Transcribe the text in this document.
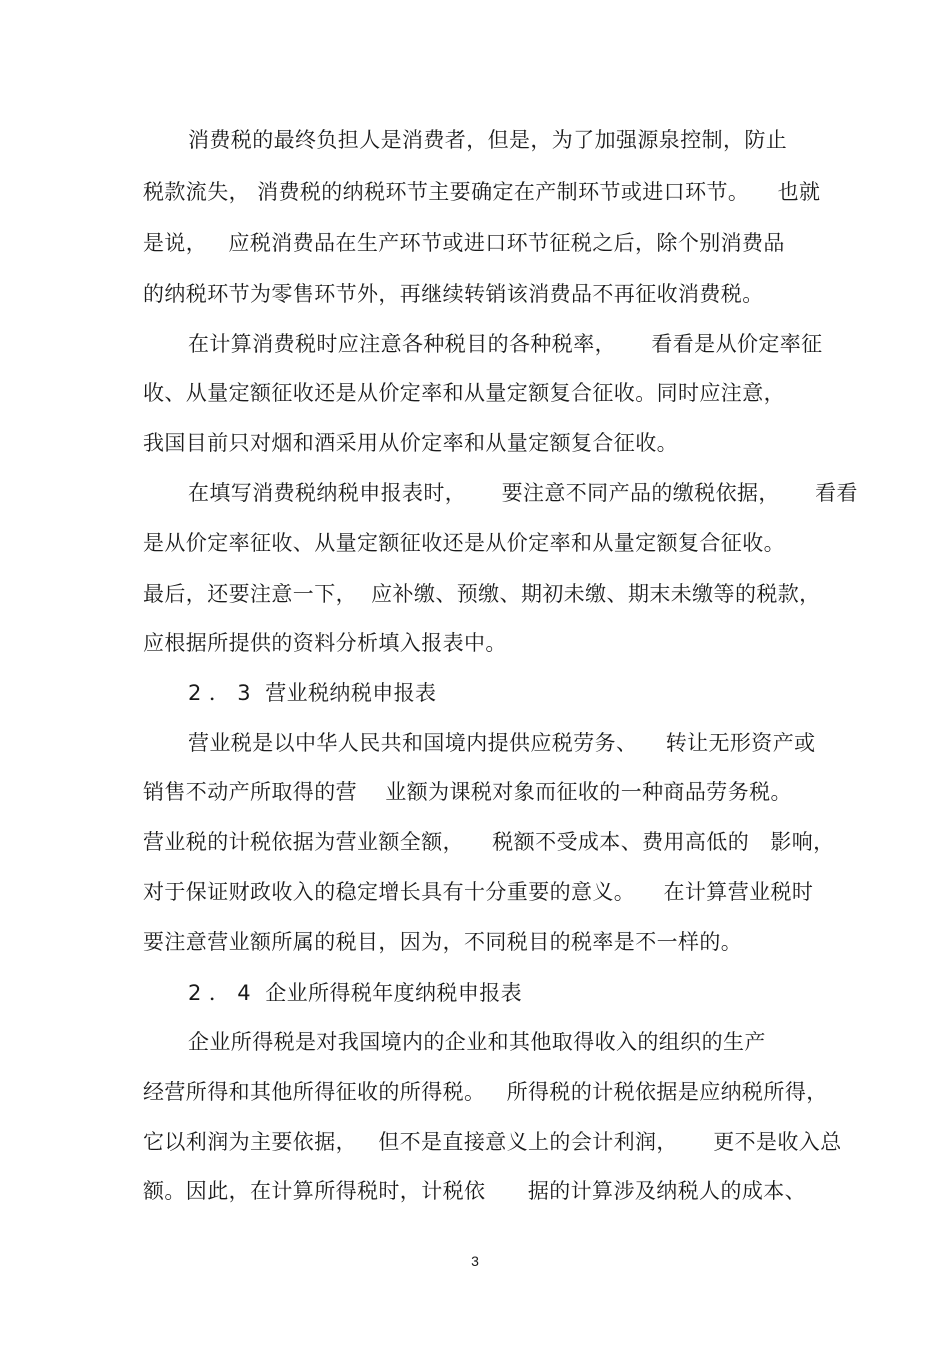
消费税的最终负担人是消费者，但是，为了加强源泉控制，防止
税款流失， 消费税的纳税环节主要确定在产制环节或进口环节。    也就
是说，   应税消费品在生产环节或进口环节征税之后，除个别消费品
的纳税环节为零售环节外，再继续转销该消费品不再征收消费税。
在计算消费税时应注意各种税目的各种税率，     看看是从价定率征
收、从量定额征收还是从价定率和从量定额复合征收。同时应注意，
我国目前只对烟和酒采用从价定率和从量定额复合征收。
在填写消费税纳税申报表时，     要注意不同产品的缴税依据，     看看
是从价定率征收、从量定额征收还是从价定率和从量定额复合征收。
最后，还要注意一下，  应补缴、预缴、期初未缴、期末未缴等的税款，
应根据所提供的资料分析填入报表中。
2 ． 3  营业税纳税申报表
营业税是以中华人民共和国境内提供应税劳务、    转让无形资产或
销售不动产所取得的营    业额为课税对象而征收的一种商品劳务税。
营业税的计税依据为营业额全额，    税额不受成本、费用高低的   影响，
对于保证财政收入的稳定增长具有十分重要的意义。    在计算营业税时
要注意营业额所属的税目，因为，不同税目的税率是不一样的。
2 ． 4  企业所得税年度纳税申报表
企业所得税是对我国境内的企业和其他取得收入的组织的生产
经营所得和其他所得征收的所得税。   所得税的计税依据是应纳税所得，
它以利润为主要依据，   但不是直接意义上的会计利润，     更不是收入总
额。因此，在计算所得税时，计税依      据的计算涉及纳税人的成本、
3
